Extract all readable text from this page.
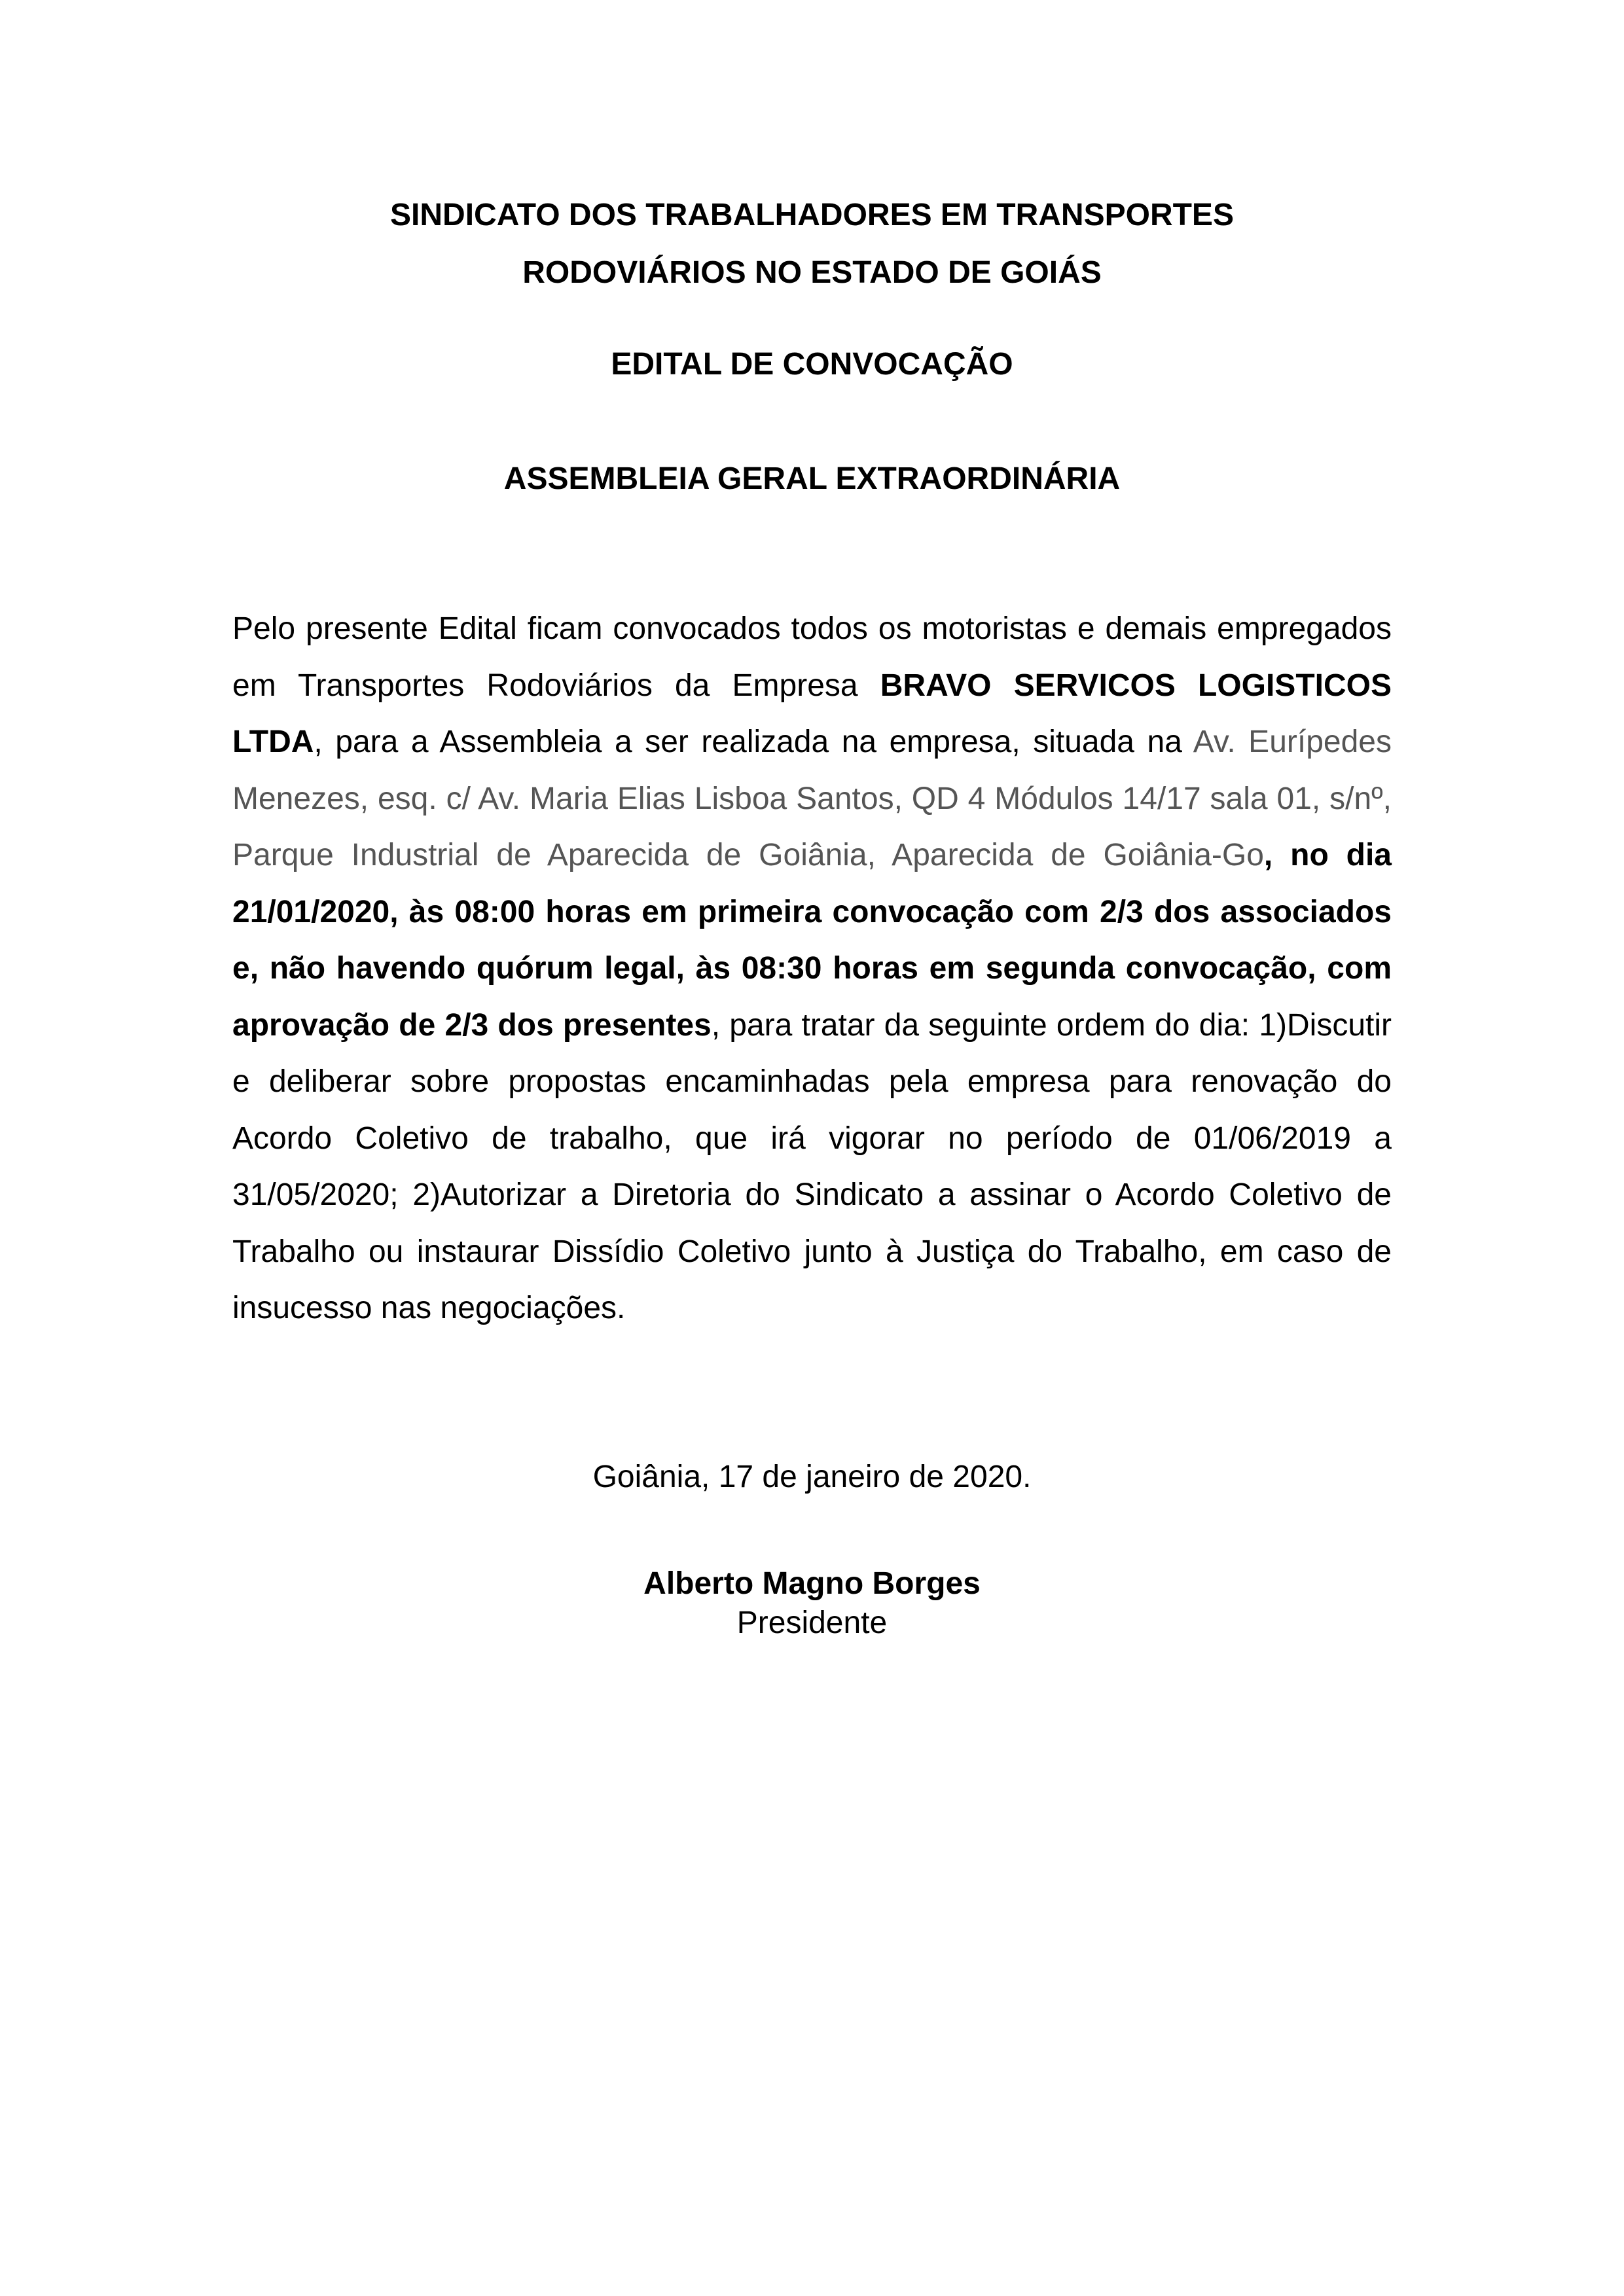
SINDICATO DOS TRABALHADORES EM TRANSPORTES
RODOVIÁRIOS NO ESTADO DE GOIÁS
EDITAL DE CONVOCAÇÃO
ASSEMBLEIA GERAL EXTRAORDINÁRIA
Pelo presente Edital ficam convocados todos os motoristas e demais empregados em Transportes Rodoviários da Empresa BRAVO SERVICOS LOGISTICOS LTDA, para a Assembleia a ser realizada na empresa, situada na Av. Eurípedes Menezes, esq. c/ Av. Maria Elias Lisboa Santos, QD 4 Módulos 14/17 sala 01, s/nº, Parque Industrial de Aparecida de Goiânia, Aparecida de Goiânia-Go, no dia 21/01/2020, às 08:00 horas em primeira convocação com 2/3 dos associados e, não havendo quórum legal, às 08:30 horas em segunda convocação, com aprovação de 2/3 dos presentes, para tratar da seguinte ordem do dia: 1)Discutir e deliberar sobre propostas encaminhadas pela empresa para renovação do Acordo Coletivo de trabalho, que irá vigorar no período de 01/06/2019 a 31/05/2020; 2)Autorizar a Diretoria do Sindicato a assinar o Acordo Coletivo de Trabalho ou instaurar Dissídio Coletivo junto à Justiça do Trabalho, em caso de insucesso nas negociações.
Goiânia, 17 de janeiro de 2020.
Alberto Magno Borges
Presidente
